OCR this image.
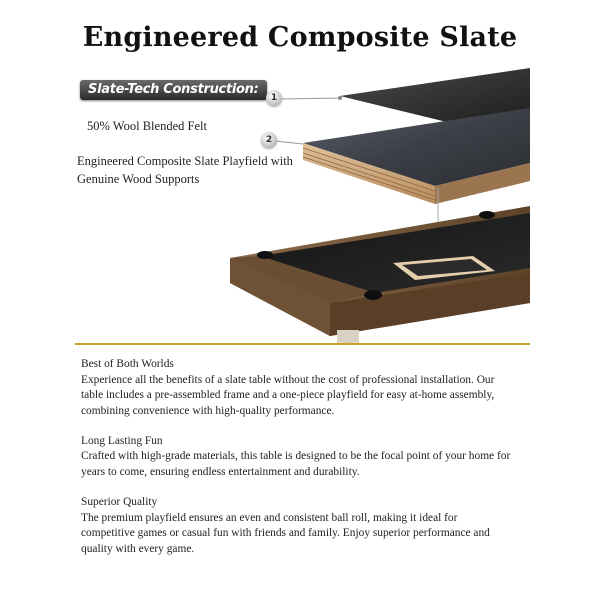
Engineered Composite Slate
Slate-Tech Construction:
1
2
50% Wool Blended Felt
Engineered Composite Slate Playfield with Genuine Wood Supports
Best of Both Worlds

Experience all the benefits of a slate table without the cost of professional installation. Our table includes a pre-assembled frame and a one-piece playfield for easy at-home assembly, combining convenience with high-quality performance.

Long Lasting Fun

Crafted with high-grade materials, this table is designed to be the focal point of your home for years to come, ensuring endless entertainment and durability.

Superior Quality

The premium playfield ensures an even and consistent ball roll, making it ideal for competitive games or casual fun with friends and family. Enjoy superior performance and quality with every game.
